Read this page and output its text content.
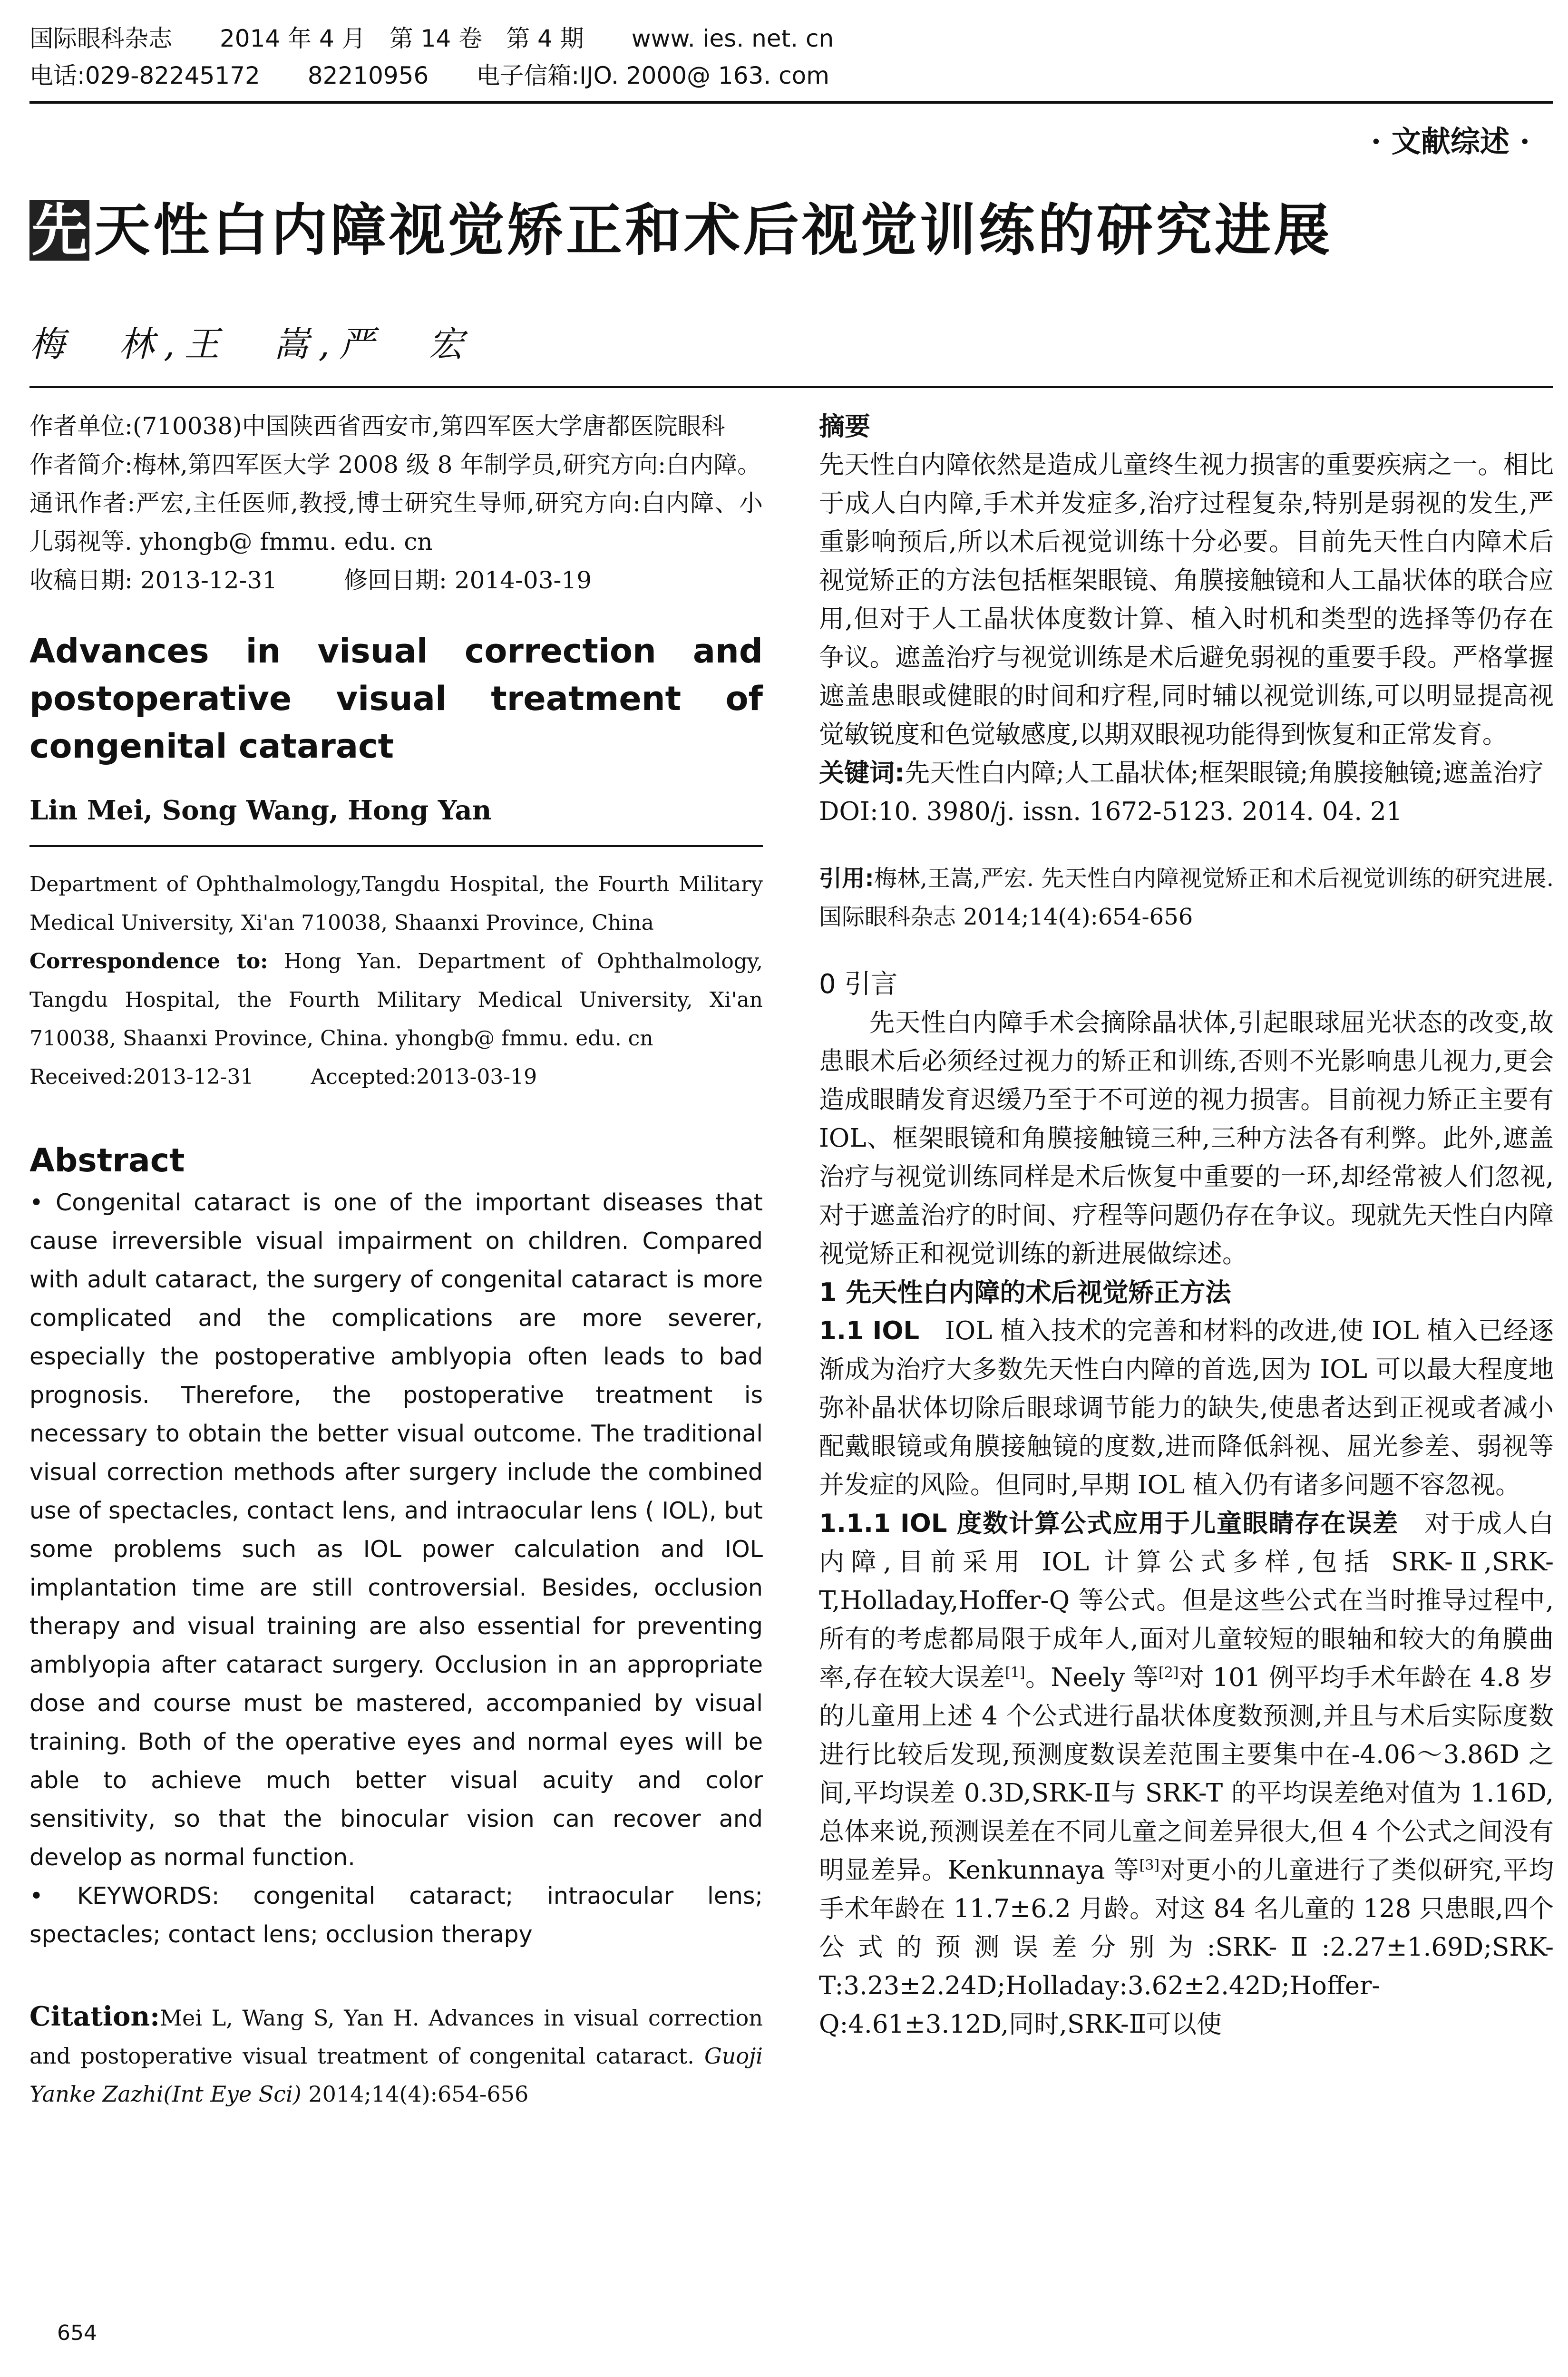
国际眼科杂志 2014 年 4 月　第 14 卷　第 4 期 www. ies. net. cn
电话:029-82245172 82210956 电子信箱:IJO. 2000@ 163. com
· 文献综述 ·
先 天性白内障视觉矫正和术后视觉训练的研究进展
梅　林,王　嵩,严　宏

作者单位:(710038)中国陕西省西安市,第四军医大学唐都医院眼科

作者简介:梅林,第四军医大学 2008 级 8 年制学员,研究方向:白内障。

通讯作者:严宏,主任医师,教授,博士研究生导师,研究方向:白内障、小儿弱视等. yhongb@ fmmu. edu. cn

收稿日期: 2013-12-31	修回日期: 2014-03-19

Advances in visual correction and postoperative visual treatment of congenital cataract
Lin Mei, Song Wang, Hong Yan

Department of Ophthalmology,Tangdu Hospital, the Fourth Military Medical University, Xi'an 710038, Shaanxi Province, China

Correspondence to: Hong Yan. Department of Ophthalmology, Tangdu Hospital, the Fourth Military Medical University, Xi'an 710038, Shaanxi Province, China. yhongb@ fmmu. edu. cn

Received:2013-12-31	Accepted:2013-03-19

Abstract

• Congenital cataract is one of the important diseases that cause irreversible visual impairment on children. Compared with adult cataract, the surgery of congenital cataract is more complicated and the complications are more severer, especially the postoperative amblyopia often leads to bad prognosis. Therefore, the postoperative treatment is necessary to obtain the better visual outcome. The traditional visual correction methods after surgery include the combined use of spectacles, contact lens, and intraocular lens ( IOL), but some problems such as IOL power calculation and IOL implantation time are still controversial. Besides, occlusion therapy and visual training are also essential for preventing amblyopia after cataract surgery. Occlusion in an appropriate dose and course must be mastered, accompanied by visual training. Both of the operative eyes and normal eyes will be able to achieve much better visual acuity and color sensitivity, so that the binocular vision can recover and develop as normal function.

• KEYWORDS: congenital cataract; intraocular lens; spectacles; contact lens; occlusion therapy

Citation:Mei L, Wang S, Yan H. Advances in visual correction and postoperative visual treatment of congenital cataract. Guoji Yanke Zazhi(Int Eye Sci) 2014;14(4):654-656
摘要

先天性白内障依然是造成儿童终生视力损害的重要疾病之一。相比于成人白内障,手术并发症多,治疗过程复杂,特别是弱视的发生,严重影响预后,所以术后视觉训练十分必要。目前先天性白内障术后视觉矫正的方法包括框架眼镜、角膜接触镜和人工晶状体的联合应用,但对于人工晶状体度数计算、植入时机和类型的选择等仍存在争议。遮盖治疗与视觉训练是术后避免弱视的重要手段。严格掌握遮盖患眼或健眼的时间和疗程,同时辅以视觉训练,可以明显提高视觉敏锐度和色觉敏感度,以期双眼视功能得到恢复和正常发育。

关键词:先天性白内障;人工晶状体;框架眼镜;角膜接触镜;遮盖治疗

DOI:10. 3980/j. issn. 1672-5123. 2014. 04. 21

引用:梅林,王嵩,严宏. 先天性白内障视觉矫正和术后视觉训练的研究进展. 国际眼科杂志 2014;14(4):654-656
0 引言

先天性白内障手术会摘除晶状体,引起眼球屈光状态的改变,故患眼术后必须经过视力的矫正和训练,否则不光影响患儿视力,更会造成眼睛发育迟缓乃至于不可逆的视力损害。目前视力矫正主要有 IOL、框架眼镜和角膜接触镜三种,三种方法各有利弊。此外,遮盖治疗与视觉训练同样是术后恢复中重要的一环,却经常被人们忽视,对于遮盖治疗的时间、疗程等问题仍存在争议。现就先天性白内障视觉矫正和视觉训练的新进展做综述。

1 先天性白内障的术后视觉矫正方法

1.1 IOL　 IOL 植入技术的完善和材料的改进,使 IOL 植入已经逐渐成为治疗大多数先天性白内障的首选,因为 IOL 可以最大程度地弥补晶状体切除后眼球调节能力的缺失,使患者达到正视或者减小配戴眼镜或角膜接触镜的度数,进而降低斜视、屈光参差、弱视等并发症的风险。但同时,早期 IOL 植入仍有诸多问题不容忽视。

1.1.1 IOL 度数计算公式应用于儿童眼睛存在误差　 对于成人白内障,目前采用 IOL 计算公式多样,包括 SRK-Ⅱ,SRK-T,Holladay,Hoffer-Q 等公式。但是这些公式在当时推导过程中,所有的考虑都局限于成年人,面对儿童较短的眼轴和较大的角膜曲率,存在较大误差[1]。Neely 等[2]对 101 例平均手术年龄在 4.8 岁的儿童用上述 4 个公式进行晶状体度数预测,并且与术后实际度数进行比较后发现,预测度数误差范围主要集中在-4.06～3.86D 之间,平均误差 0.3D,SRK-Ⅱ与 SRK-T 的平均误差绝对值为 1.16D,总体来说,预测误差在不同儿童之间差异很大,但 4 个公式之间没有明显差异。Kenkunnaya 等[3]对更小的儿童进行了类似研究,平均手术年龄在 11.7±6.2 月龄。对这 84 名儿童的 128 只患眼,四个公式的预测误差分别为:SRK-Ⅱ:2.27±1.69D;SRK-T:3.23±2.24D;Holladay:3.62±2.42D;Hoffer-Q:4.61±3.12D,同时,SRK-Ⅱ可以使

654
